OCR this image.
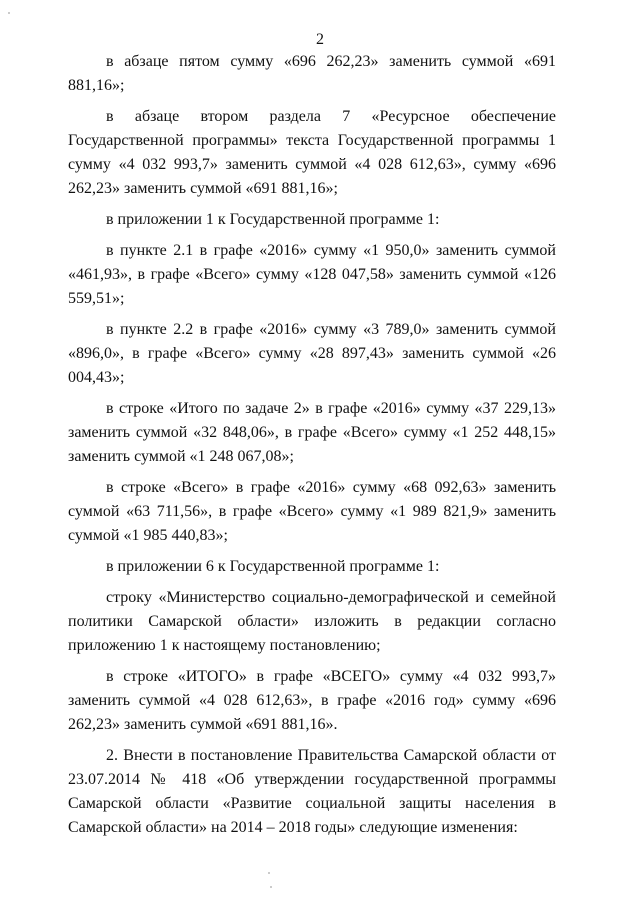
2

в абзаце пятом сумму «696 262,23» заменить суммой «691 881,16»;

в абзаце втором раздела 7 «Ресурсное обеспечение Государственной программы» текста Государственной программы 1 сумму «4 032 993,7» заменить суммой «4 028 612,63», сумму «696 262,23» заменить суммой «691 881,16»;

в приложении 1 к Государственной программе 1:

в пункте 2.1 в графе «2016» сумму «1 950,0» заменить суммой «461,93», в графе «Всего» сумму «128 047,58» заменить суммой «126 559,51»;

в пункте 2.2 в графе «2016» сумму «3 789,0» заменить суммой «896,0», в графе «Всего» сумму «28 897,43» заменить суммой «26 004,43»;

в строке «Итого по задаче 2» в графе «2016» сумму «37 229,13» заменить суммой «32 848,06», в графе «Всего» сумму «1 252 448,15» заменить суммой «1 248 067,08»;

в строке «Всего» в графе «2016» сумму «68 092,63» заменить суммой «63 711,56», в графе «Всего» сумму «1 989 821,9» заменить суммой «1 985 440,83»;

в приложении 6 к Государственной программе 1:

строку «Министерство социально-демографической и семейной политики Самарской области» изложить в редакции согласно приложению 1 к настоящему постановлению;

в строке «ИТОГО» в графе «ВСЕГО» сумму «4 032 993,7» заменить суммой «4 028 612,63», в графе «2016 год» сумму «696 262,23» заменить суммой «691 881,16».

2. Внести в постановление Правительства Самарской области от 23.07.2014 № 418 «Об утверждении государственной программы Самарской области «Развитие социальной защиты населения в Самарской области» на 2014 – 2018 годы» следующие изменения:
